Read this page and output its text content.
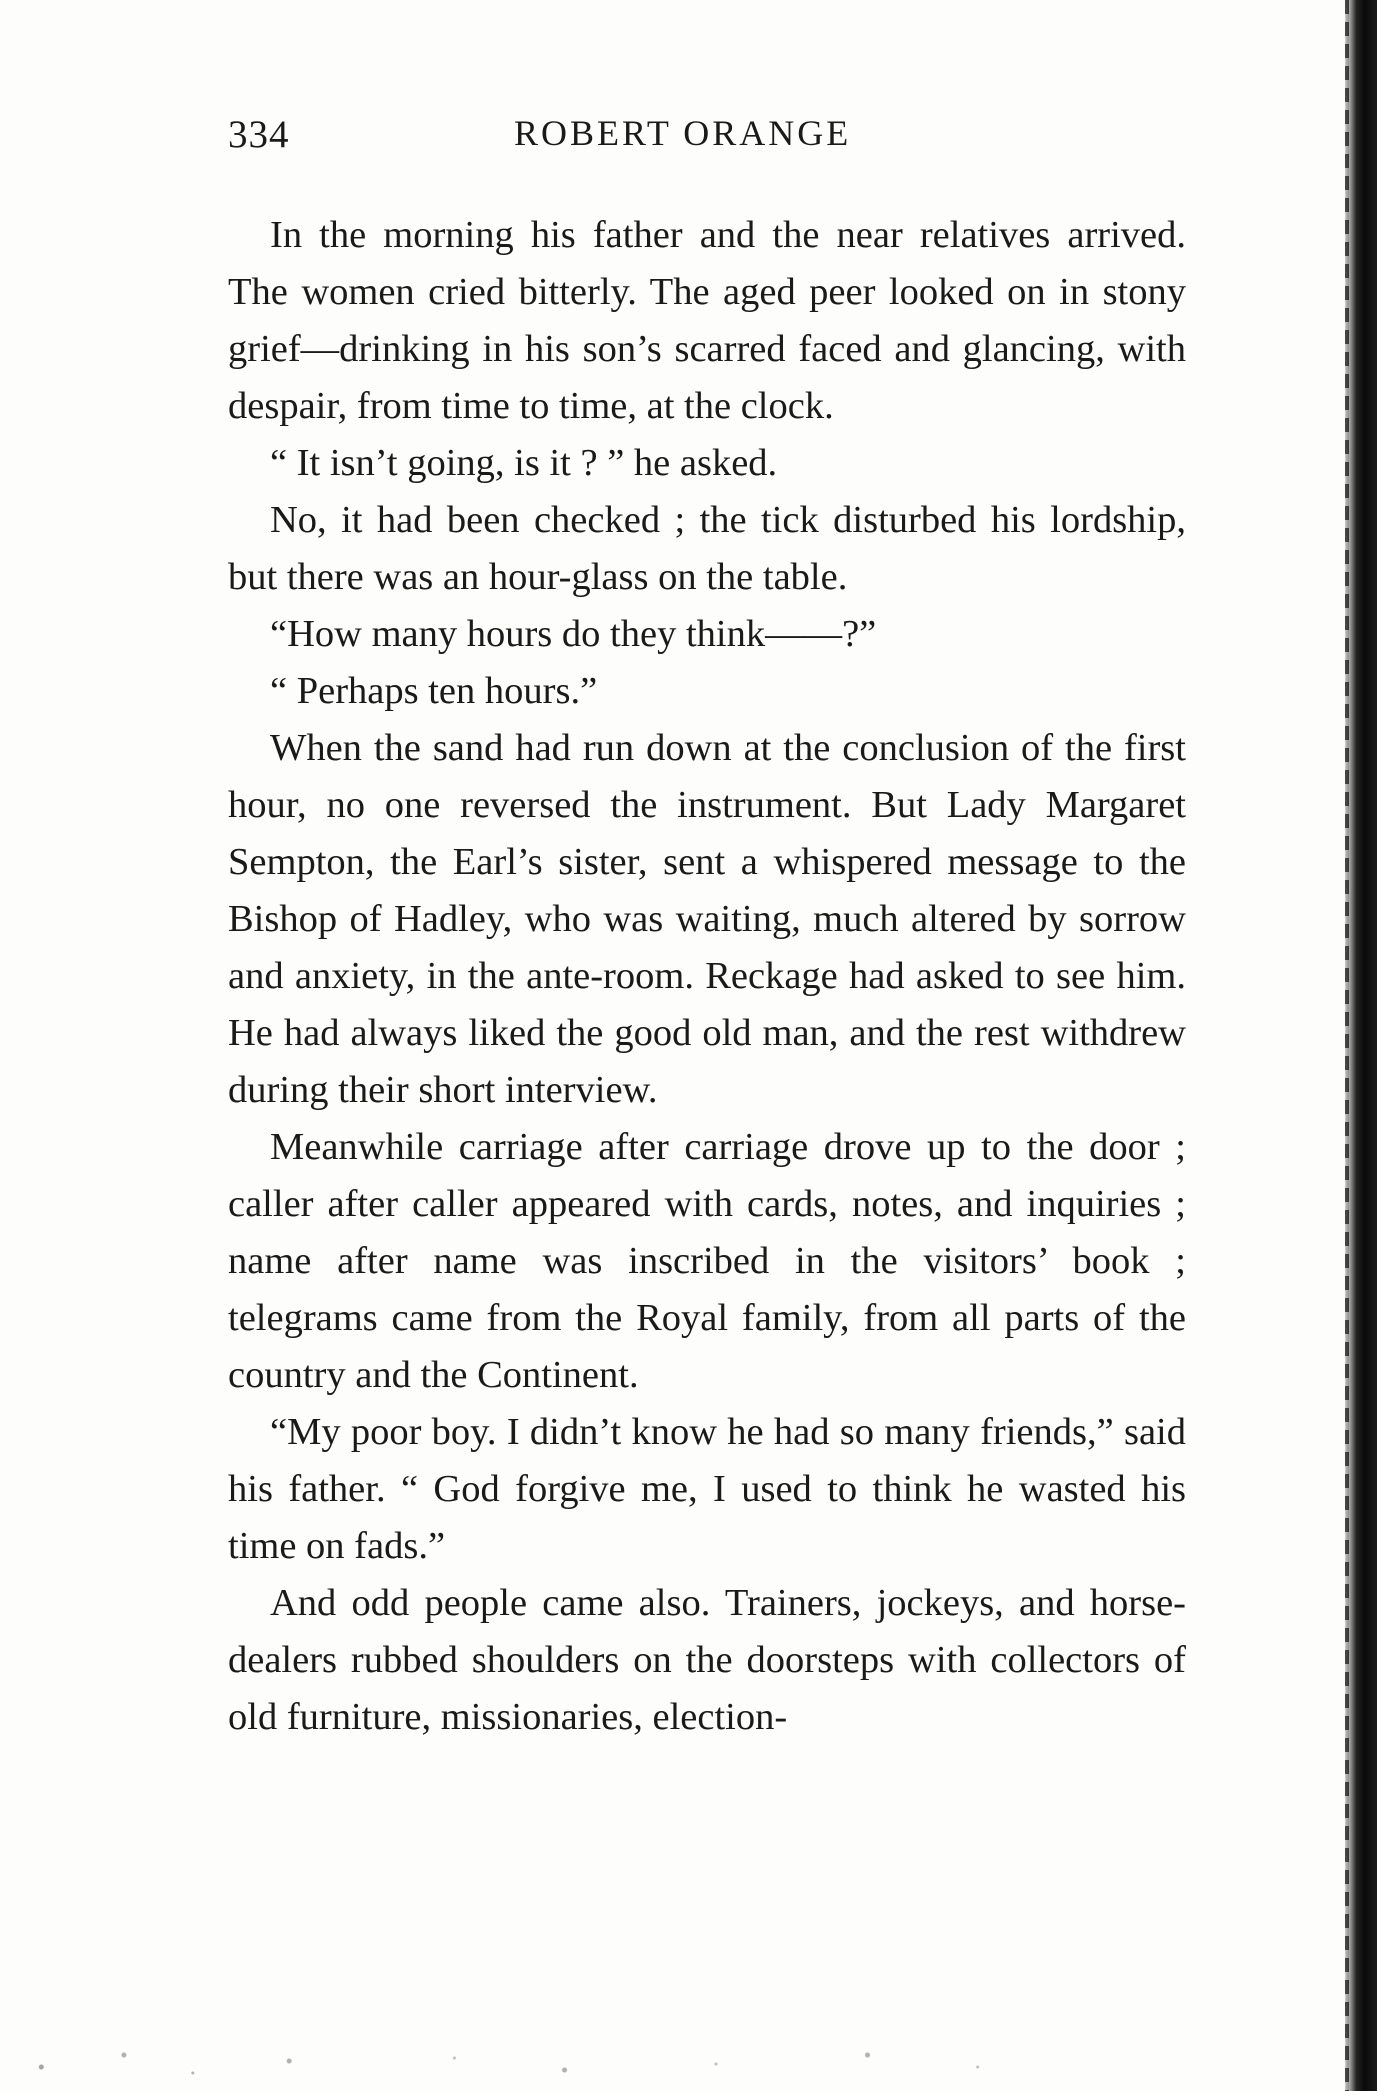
334	ROBERT ORANGE

In the morning his father and the near relatives arrived. The women cried bitterly. The aged peer looked on in stony grief—drinking in his son’s scarred faced and glancing, with despair, from time to time, at the clock.

“ It isn’t going, is it ? ” he asked.

No, it had been checked ; the tick disturbed his lordship, but there was an hour-glass on the table.

“How many hours do they think——?”

“ Perhaps ten hours.”

When the sand had run down at the conclusion of the first hour, no one reversed the instrument. But Lady Margaret Sempton, the Earl’s sister, sent a whispered message to the Bishop of Hadley, who was waiting, much altered by sorrow and anxiety, in the ante-room. Reckage had asked to see him. He had always liked the good old man, and the rest withdrew during their short interview.

Meanwhile carriage after carriage drove up to the door ; caller after caller appeared with cards, notes, and inquiries ; name after name was inscribed in the visitors’ book ; telegrams came from the Royal family, from all parts of the country and the Continent.

“My poor boy. I didn’t know he had so many friends,” said his father. “ God forgive me, I used to think he wasted his time on fads.”

And odd people came also. Trainers, jockeys, and horse-dealers rubbed shoulders on the doorsteps with collectors of old furniture, missionaries, election-
